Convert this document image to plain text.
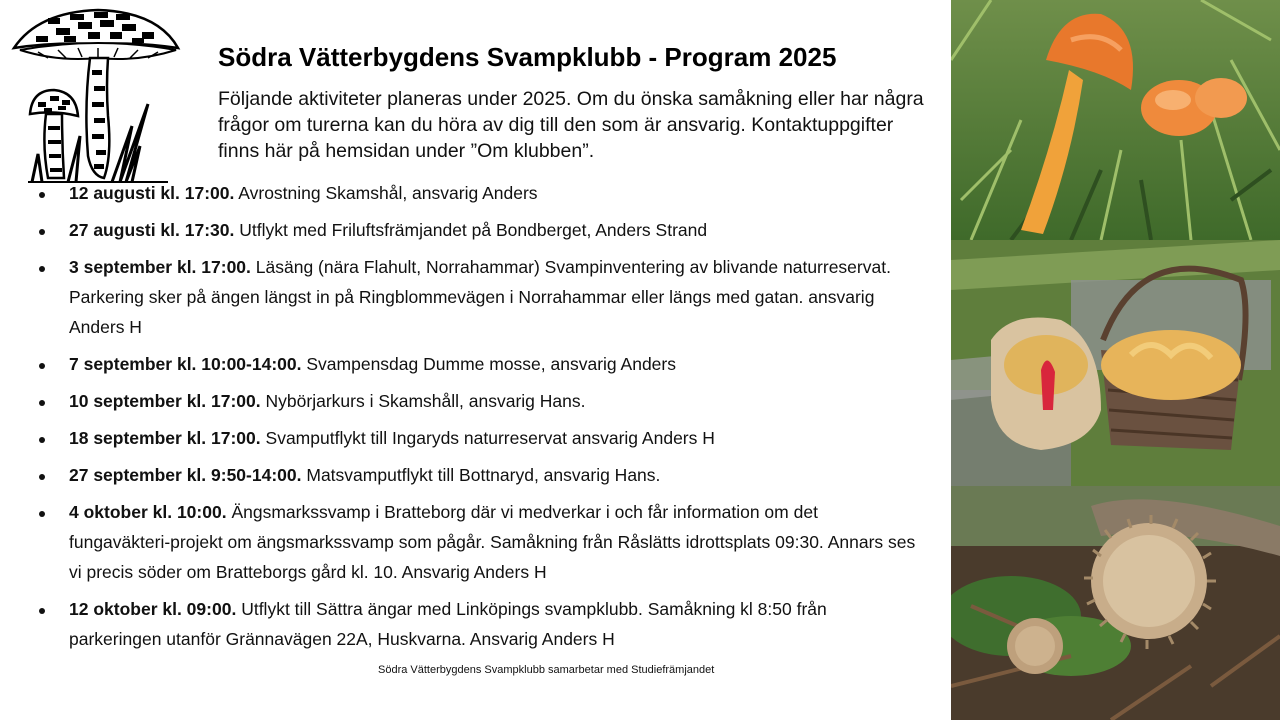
Södra Vätterbygdens Svampklubb - Program 2025

Följande aktiviteter planeras under 2025. Om du önska samåkning eller har några frågor om turerna kan du höra av dig till den som är ansvarig. Kontaktuppgifter finns här på hemsidan under ”Om klubben”.

12 augusti kl. 17:00. Avrostning Skamshål, ansvarig Anders
27 augusti kl. 17:30. Utflykt med Friluftsfrämjandet på Bondberget, Anders Strand
3 september kl. 17:00. Läsäng (nära Flahult, Norrahammar) Svampinventering av blivande naturreservat. Parkering sker på ängen längst in på Ringblommevägen i Norrahammar eller längs med gatan. ansvarig Anders H
7 september kl. 10:00-14:00. Svampensdag Dumme mosse, ansvarig Anders
10 september kl. 17:00. Nybörjarkurs i Skamshåll, ansvarig Hans.
18 september kl. 17:00. Svamputflykt till Ingaryds naturreservat ansvarig Anders H
27 september kl. 9:50-14:00. Matsvamputflykt till Bottnaryd, ansvarig Hans.
4 oktober kl. 10:00. Ängsmarkssvamp i Bratteborg där vi medverkar i och får information om det fungaväkteri-projekt om ängsmarkssvamp som pågår. Samåkning från Råslätts idrottsplats 09:30. Annars ses vi precis söder om Bratteborgs gård kl. 10. Ansvarig Anders H
12 oktober kl. 09:00. Utflykt till Sättra ängar med Linköpings svampklubb. Samåkning kl 8:50 från parkeringen utanför Grännavägen 22A, Huskvarna. Ansvarig Anders H

Södra Vätterbygdens Svampklubb samarbetar med Studiefrämjandet
